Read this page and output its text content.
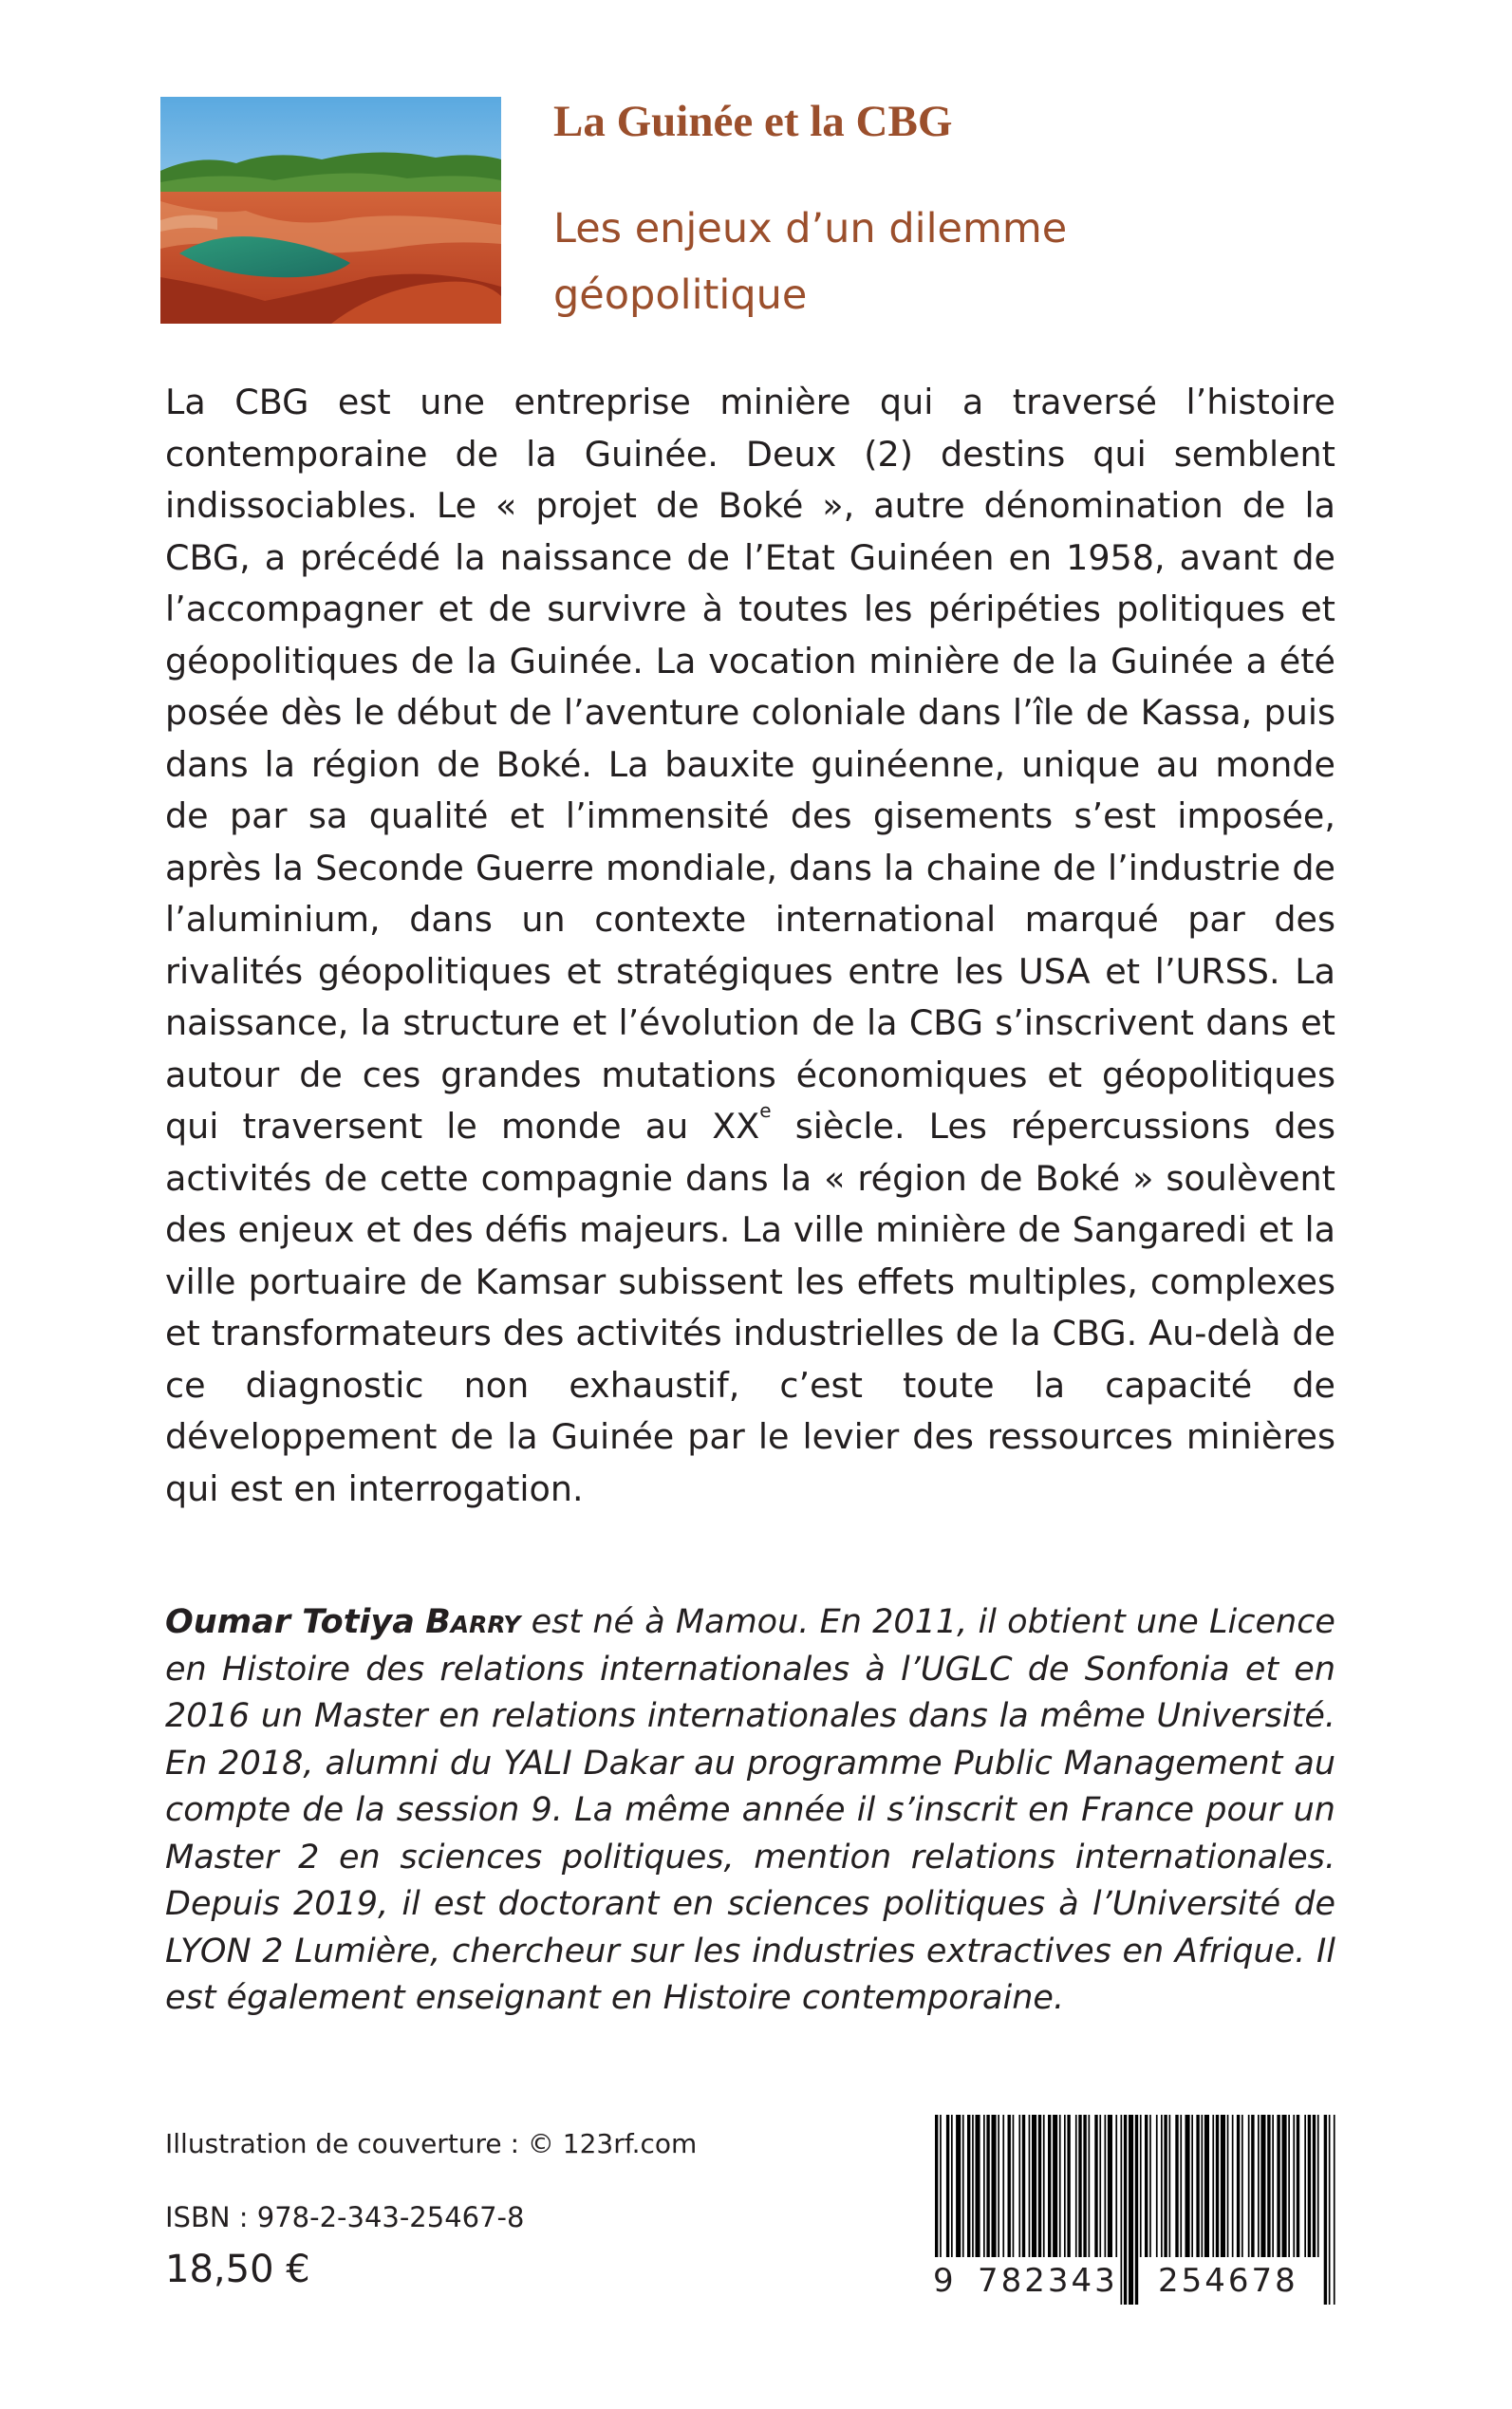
La Guinée et la CBG
Les enjeux d’un dilemme
géopolitique

La CBG est une entreprise minière qui a traversé l’histoire contemporaine de la Guinée. Deux (2) destins qui semblent indissociables. Le « projet de Boké », autre dénomination de la CBG, a précédé la naissance de l’Etat Guinéen en 1958, avant de l’accompagner et de survivre à toutes les péripéties politiques et géopolitiques de la Guinée. La vocation minière de la Guinée a été posée dès le début de l’aventure coloniale dans l’île de Kassa, puis dans la région de Boké. La bauxite guinéenne, unique au monde de par sa qualité et l’immensité des gisements s’est imposée, après la Seconde Guerre mondiale, dans la chaine de l’industrie de l’aluminium, dans un contexte international marqué par des rivalités géopolitiques et stratégiques entre les USA et l’URSS. La naissance, la structure et l’évolution de la CBG s’inscrivent dans et autour de ces grandes mutations économiques et géopolitiques qui traversent le monde au XXe siècle. Les répercussions des activités de cette compagnie dans la « région de Boké » soulèvent des enjeux et des défis majeurs. La ville minière de Sangaredi et la ville portuaire de Kamsar subissent les effets multiples, complexes et transformateurs des activités industrielles de la CBG. Au-delà de ce diagnostic non exhaustif, c’est toute la capacité de développement de la Guinée par le levier des ressources minières qui est en interrogation.

Oumar Totiya Barry est né à Mamou. En 2011, il obtient une Licence en Histoire des relations internationales à l’UGLC de Sonfonia et en 2016 un Master en relations internationales dans la même Université. En 2018, alumni du YALI Dakar au programme Public Management au compte de la session 9. La même année il s’inscrit en France pour un Master 2 en sciences politiques, mention relations internationales. Depuis 2019, il est doctorant en sciences politiques à l’Université de LYON 2 Lumière, chercheur sur les industries extractives en Afrique. Il est également enseignant en Histoire contemporaine.

Illustration de couverture : © 123rf.com
ISBN : 978-2-343-25467-8
18,50 €	9 782343 254678
